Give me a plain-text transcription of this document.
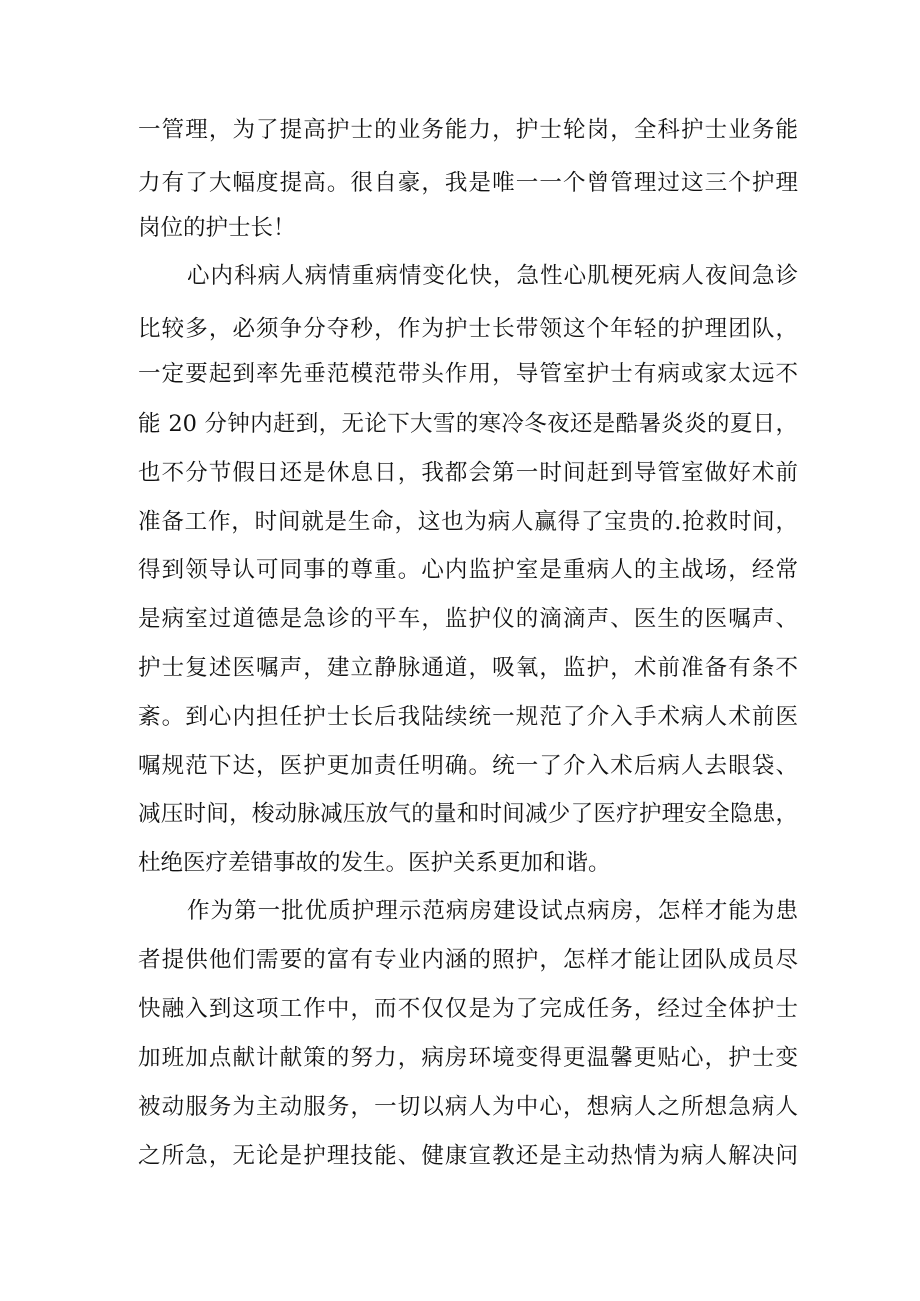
一管理，为了提高护士的业务能力，护士轮岗，全科护士业务能
力有了大幅度提高。很自豪，我是唯一一个曾管理过这三个护理
岗位的护士长！
心内科病人病情重病情变化快，急性心肌梗死病人夜间急诊
比较多，必须争分夺秒，作为护士长带领这个年轻的护理团队，
一定要起到率先垂范模范带头作用，导管室护士有病或家太远不
能 20 分钟内赶到，无论下大雪的寒冷冬夜还是酷暑炎炎的夏日，
也不分节假日还是休息日，我都会第一时间赶到导管室做好术前
准备工作，时间就是生命，这也为病人赢得了宝贵的.抢救时间，
得到领导认可同事的尊重。心内监护室是重病人的主战场，经常
是病室过道德是急诊的平车，监护仪的滴滴声、医生的医嘱声、
护士复述医嘱声，建立静脉通道，吸氧，监护，术前准备有条不
紊。到心内担任护士长后我陆续统一规范了介入手术病人术前医
嘱规范下达，医护更加责任明确。统一了介入术后病人去眼袋、
减压时间，梭动脉减压放气的量和时间减少了医疗护理安全隐患，
杜绝医疗差错事故的发生。医护关系更加和谐。
作为第一批优质护理示范病房建设试点病房，怎样才能为患
者提供他们需要的富有专业内涵的照护，怎样才能让团队成员尽
快融入到这项工作中，而不仅仅是为了完成任务，经过全体护士
加班加点献计献策的努力，病房环境变得更温馨更贴心，护士变
被动服务为主动服务，一切以病人为中心，想病人之所想急病人
之所急，无论是护理技能、健康宣教还是主动热情为病人解决问
